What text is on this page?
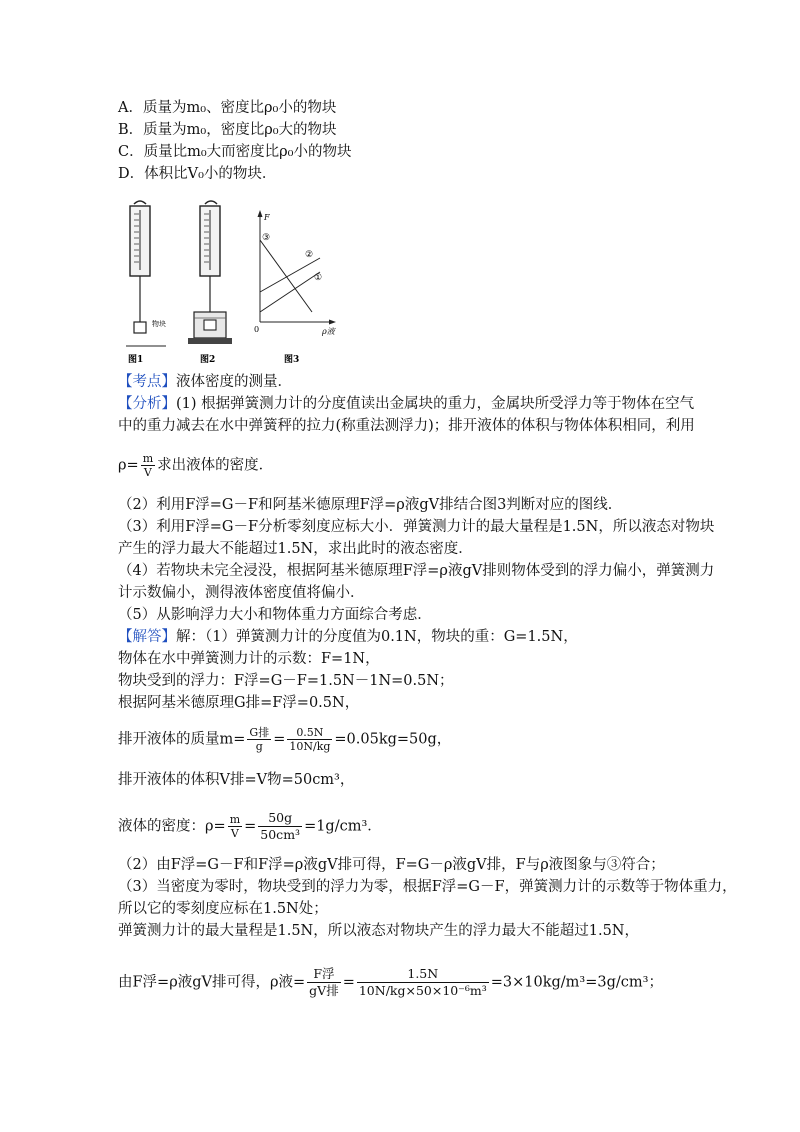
A．质量为m₀、密度比ρ₀小的物块
B．质量为m₀，密度比ρ₀大的物块
C．质量比m₀大而密度比ρ₀小的物块
D．体积比V₀小的物块．
物块
图1	图2
F
ρ液
0
①
②
③
图3
【考点】液体密度的测量．
【分析】(1) 根据弹簧测力计的分度值读出金属块的重力，金属块所受浮力等于物体在空气
中的重力减去在水中弹簧秤的拉力(称重法测浮力)；排开液体的体积与物体体积相同，利用
$\rho= \frac{m}{V}$ 求出液体的密度．
（2）利用F浮=G－F和阿基米德原理F浮=ρ液gV排结合图3判断对应的图线．
（3）利用F浮=G－F分析零刻度应标大小．弹簧测力计的最大量程是1.5N，所以液态对物块
产生的浮力最大不能超过1.5N，求出此时的液态密度．
（4）若物块未完全浸没，根据阿基米德原理F浮=ρ液gV排则物体受到的浮力偏小，弹簧测力
计示数偏小，测得液体密度值将偏小．
（5）从影响浮力大小和物体重力方面综合考虑．
【解答】解：（1）弹簧测力计的分度值为0.1N，物块的重：G=1.5N，
物体在水中弹簧测力计的示数：F=1N，
物块受到的浮力：F浮=G－F=1.5N－1N=0.5N；
根据阿基米德原理G排=F浮=0.5N，
排开液体的质量$m= \frac{\text{G排}}{g} = \frac{0.5N}{10N/kg} =0.05kg=50g$，
排开液体的体积V排=V物=50cm³，
液体的密度：$\rho= \frac{m}{V} = \frac{50g}{\text{50cm³}} =1g/cm^3$．
（2）由F浮=G－F和F浮=ρ液gV排可得，F=G－ρ液gV排，F与ρ液图象与③符合；
（3）当密度为零时，物块受到的浮力为零，根据F浮=G－F，弹簧测力计的示数等于物体重力，
所以它的零刻度应标在1.5N处；
弹簧测力计的最大量程是1.5N，所以液态对物块产生的浮力最大不能超过1.5N，
由F浮=ρ液gV排可得，ρ液= $\frac{\text{F浮}}{\text{gV排}} = \frac{1.5N}{\text{10N/kg×50×10⁻⁶m³}} =3\times 10kg/m^3=3g/cm^3$；
